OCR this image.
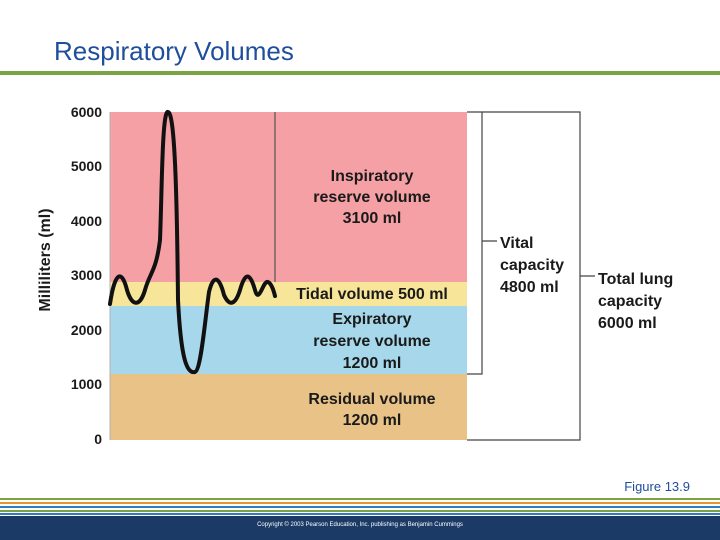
Respiratory Volumes
6000
5000
4000
3000
2000
1000
0
Milliliters (ml)
Inspiratory
reserve volume
3100 ml
Tidal volume 500 ml
Expiratory
reserve volume
1200 ml
Residual volume
1200 ml
Vital
capacity
4800 ml Total lung
capacity
6000 ml
Figure 13.9
Copyright © 2003 Pearson Education, Inc. publishing as Benjamin Cummings
